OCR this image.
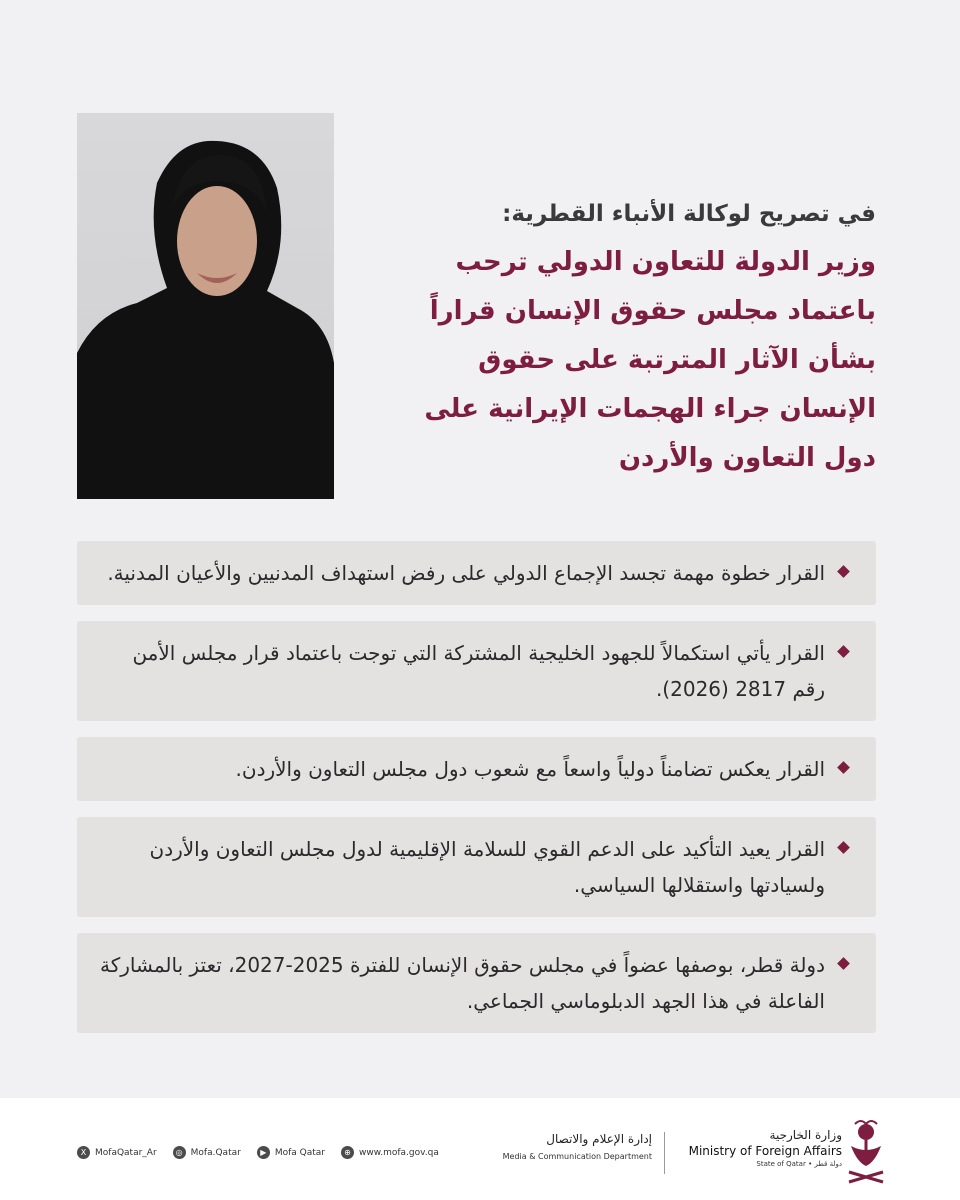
في تصريح لوكالة الأنباء القطرية:
وزير الدولة للتعاون الدولي ترحب باعتماد مجلس حقوق الإنسان قراراً بشأن الآثار المترتبة على حقوق الإنسان جراء الهجمات الإيرانية على دول التعاون والأردن
القرار خطوة مهمة تجسد الإجماع الدولي على رفض استهداف المدنيين والأعيان المدنية.
القرار يأتي استكمالاً للجهود الخليجية المشتركة التي توجت باعتماد قرار مجلس الأمن رقم 2817 (2026).
القرار يعكس تضامناً دولياً واسعاً مع شعوب دول مجلس التعاون والأردن.
القرار يعيد التأكيد على الدعم القوي للسلامة الإقليمية لدول مجلس التعاون والأردن ولسيادتها واستقلالها السياسي.
دولة قطر، بوصفها عضواً في مجلس حقوق الإنسان للفترة 2025-2027، تعتز بالمشاركة الفاعلة في هذا الجهد الدبلوماسي الجماعي.
X MofaQatar_Ar	◎ Mofa.Qatar	▶ Mofa Qatar	⊕ www.mofa.gov.qa
إدارة الإعلام والاتصال
Media & Communication Department
وزارة الخارجية
Ministry of Foreign Affairs
State of Qatar • دولة قطر
